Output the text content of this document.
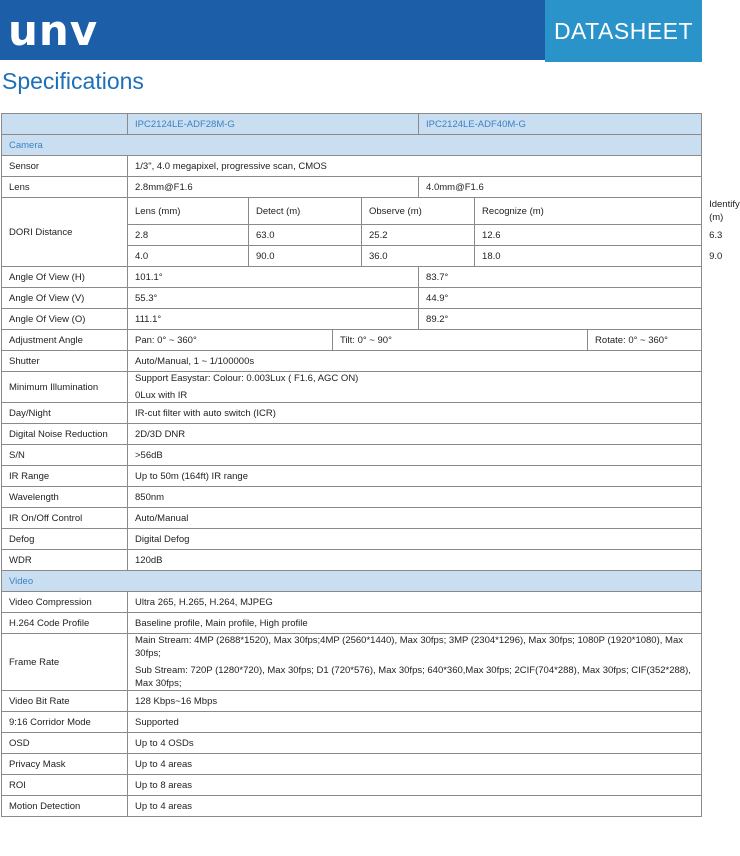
unv	DATASHEET
Specifications
	IPC2124LE-ADF28M-G				IPC2124LE-ADF40M-G			
Camera								
Sensor	1/3", 4.0 megapixel, progressive scan, CMOS							
Lens	2.8mm@F1.6				4.0mm@F1.6			
DORI Distance	Lens (mm)	Detect (m)		Observe (m)		Recognize (m)		Identify (m)
	2.8	63.0		25.2		12.6		6.3
	4.0	90.0		36.0		18.0		9.0
Angle Of View (H)	101.1°				83.7°			
Angle Of View (V)	55.3°				44.9°			
Angle Of View (O)	111.1°				89.2°			
Adjustment Angle	Pan: 0° ~ 360°		Tilt: 0° ~ 90°				Rotate: 0° ~ 360°	
Shutter	Auto/Manual, 1 ~ 1/100000s							
Minimum Illumination	Support Easystar: Colour: 0.003Lux ( F1.6, AGC ON)
0Lux with IR							

Day/Night	IR-cut filter with auto switch (ICR)							
Digital Noise Reduction	2D/3D DNR							
S/N	>56dB							
IR Range	Up to 50m (164ft) IR range							
Wavelength	850nm							
IR On/Off Control	Auto/Manual							
Defog	Digital Defog							
WDR	120dB							
Video								
Video Compression	Ultra 265, H.265, H.264, MJPEG							
H.264 Code Profile	Baseline profile, Main profile, High profile							
Frame Rate	Main Stream: 4MP (2688*1520), Max 30fps;4MP (2560*1440), Max 30fps; 3MP (2304*1296), Max 30fps; 1080P (1920*1080), Max 30fps;
Sub Stream: 720P (1280*720), Max 30fps; D1 (720*576), Max 30fps; 640*360,Max 30fps; 2CIF(704*288), Max 30fps; CIF(352*288), Max 30fps;							

Video Bit Rate	128 Kbps~16 Mbps							
9:16 Corridor Mode	Supported							
OSD	Up to 4 OSDs							
Privacy Mask	Up to 4 areas							
ROI	Up to 8 areas							
Motion Detection	Up to 4 areas							
